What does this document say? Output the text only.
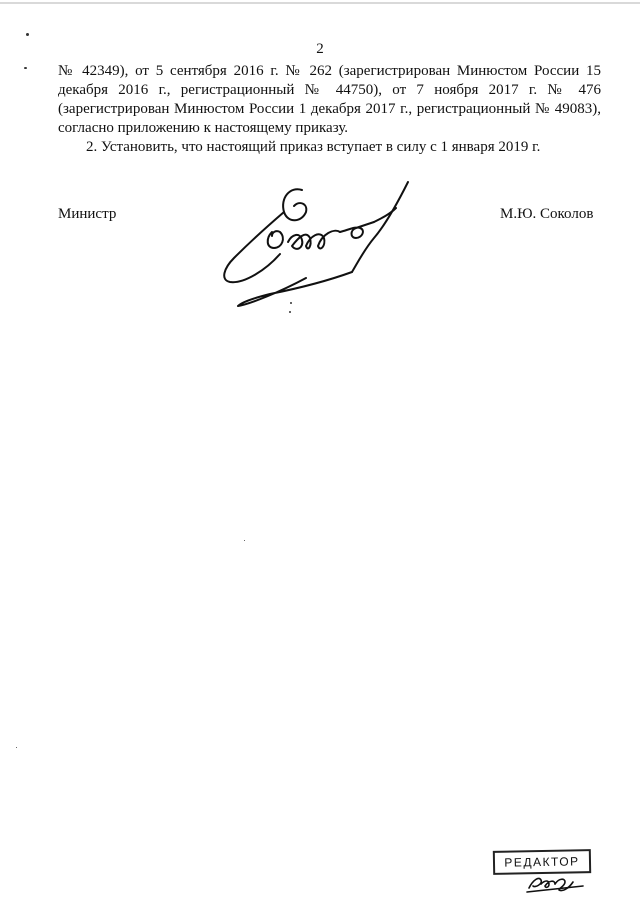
2

№ 42349), от 5 сентября 2016 г. № 262 (зарегистрирован Минюстом России 15 декабря 2016 г., регистрационный № 44750), от 7 ноября 2017 г. № 476 (зарегистрирован Минюстом России 1 декабря 2017 г., регистрационный № 49083), согласно приложению к настоящему приказу.

2. Установить, что настоящий приказ вступает в силу с 1 января 2019 г.

Министр	М.Ю. Соколов
РЕДАКТОР
